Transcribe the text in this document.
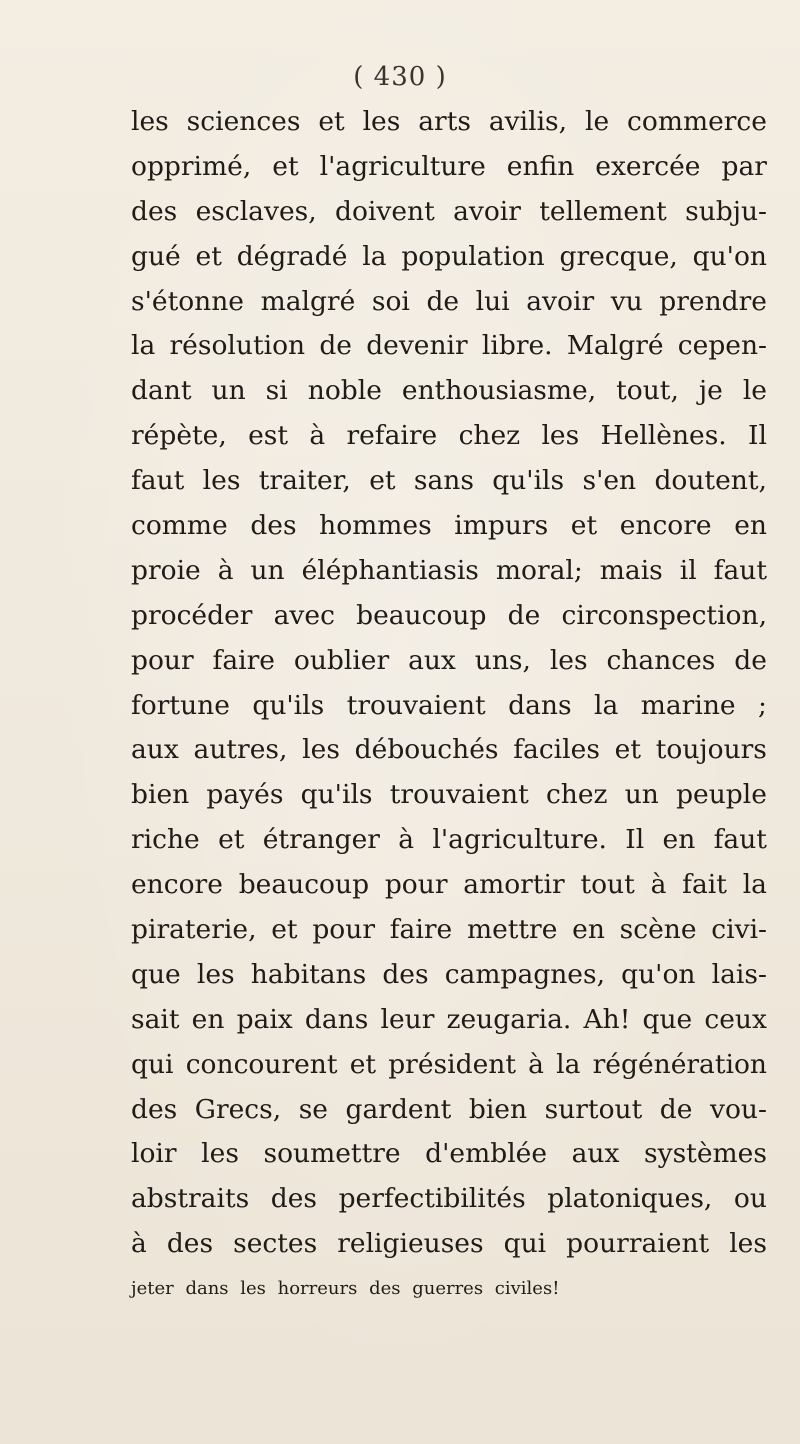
( 430 )
les sciences et les arts avilis, le commerce
opprimé, et l'agriculture enfin exercée par
des esclaves, doivent avoir tellement subju-
gué et dégradé la population grecque, qu'on
s'étonne malgré soi de lui avoir vu prendre
la résolution de devenir libre. Malgré cepen-
dant un si noble enthousiasme, tout, je le
répète, est à refaire chez les Hellènes. Il
faut les traiter, et sans qu'ils s'en doutent,
comme des hommes impurs et encore en
proie à un éléphantiasis moral; mais il faut
procéder avec beaucoup de circonspection,
pour faire oublier aux uns, les chances de
fortune qu'ils trouvaient dans la marine ;
aux autres, les débouchés faciles et toujours
bien payés qu'ils trouvaient chez un peuple
riche et étranger à l'agriculture. Il en faut
encore beaucoup pour amortir tout à fait la
piraterie, et pour faire mettre en scène civi-
que les habitans des campagnes, qu'on lais-
sait en paix dans leur zeugaria. Ah! que ceux
qui concourent et président à la régénération
des Grecs, se gardent bien surtout de vou-
loir les soumettre d'emblée aux systèmes
abstraits des perfectibilités platoniques, ou
à des sectes religieuses qui pourraient les
jeter dans les horreurs des guerres civiles!
